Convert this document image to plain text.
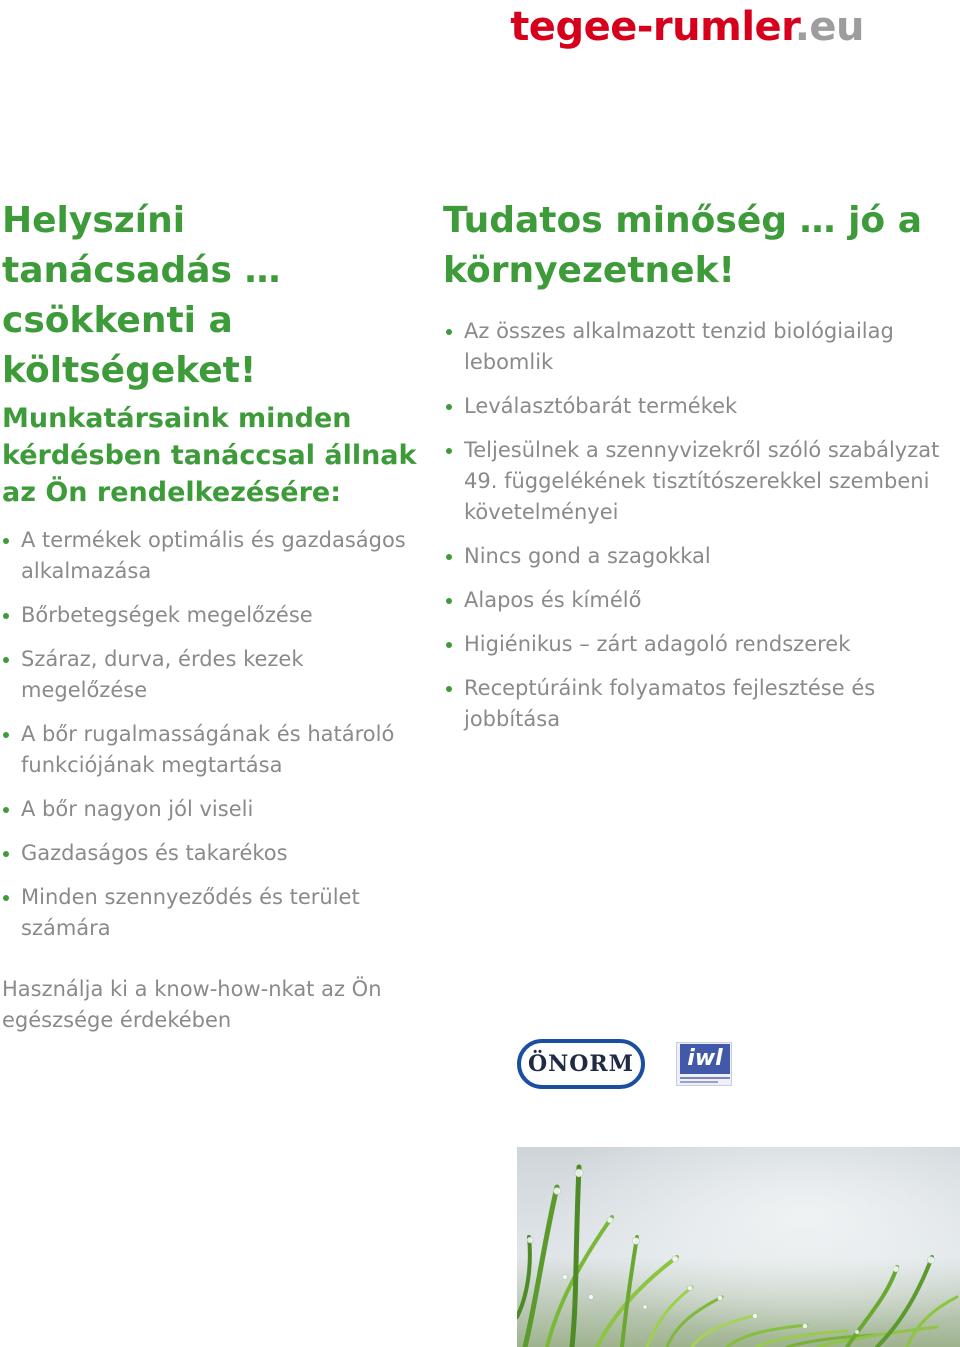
tegee-rumler.eu
Helyszíni tanácsadás … csökkenti a költségeket!
Munkatársaink minden kérdésben tanáccsal állnak az Ön rendelkezésére:
A termékek optimális és gazdaságos alkalmazása
Bőrbetegségek megelőzése
Száraz, durva, érdes kezek megelőzése
A bőr rugalmasságának és határoló funkciójának megtartása
A bőr nagyon jól viseli
Gazdaságos és takarékos
Minden szennyeződés és terület számára

Használja ki a know-how-nkat az Ön egészsége érdekében

Tudatos minőség … jó a környezetnek!
Az összes alkalmazott tenzid biológiailag lebomlik
Leválasztóbarát termékek
Teljesülnek a szennyvizekről szóló szabályzat 49. függelékének tisztítószerekkel szembeni követelményei
Nincs gond a szagokkal
Alapos és kímélő
Higiénikus – zárt adagoló rendszerek
Receptúráink folyamatos fejlesztése és jobbítása
ÖNORM	iwl
